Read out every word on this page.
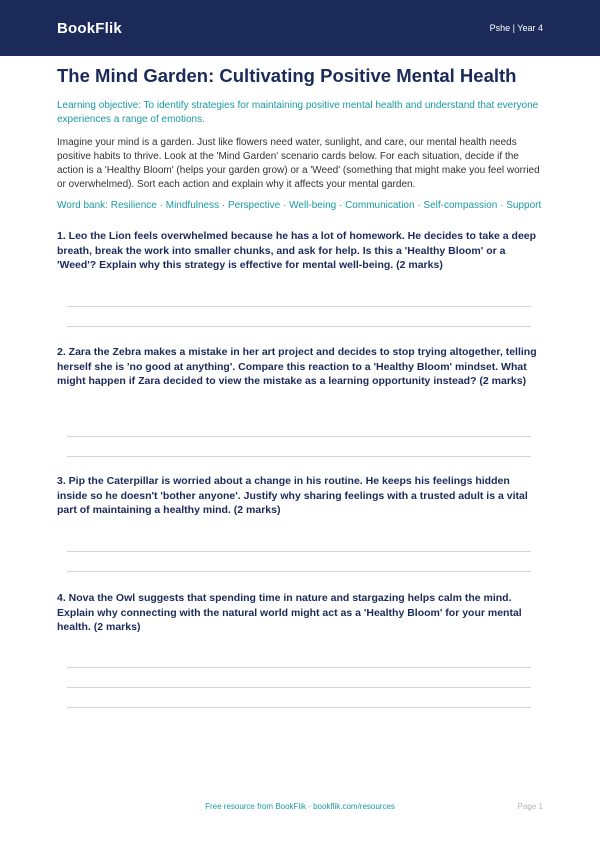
BookFlik	Pshe | Year 4
The Mind Garden: Cultivating Positive Mental Health
Learning objective: To identify strategies for maintaining positive mental health and understand that everyone experiences a range of emotions.
Imagine your mind is a garden. Just like flowers need water, sunlight, and care, our mental health needs positive habits to thrive. Look at the 'Mind Garden' scenario cards below. For each situation, decide if the action is a 'Healthy Bloom' (helps your garden grow) or a 'Weed' (something that might make you feel worried or overwhelmed). Sort each action and explain why it affects your mental garden.
Word bank: Resilience · Mindfulness · Perspective · Well-being · Communication · Self-compassion · Support
1. Leo the Lion feels overwhelmed because he has a lot of homework. He decides to take a deep breath, break the work into smaller chunks, and ask for help. Is this a 'Healthy Bloom' or a 'Weed'? Explain why this strategy is effective for mental well-being. (2 marks)
2. Zara the Zebra makes a mistake in her art project and decides to stop trying altogether, telling herself she is 'no good at anything'. Compare this reaction to a 'Healthy Bloom' mindset. What might happen if Zara decided to view the mistake as a learning opportunity instead? (2 marks)
3. Pip the Caterpillar is worried about a change in his routine. He keeps his feelings hidden inside so he doesn't 'bother anyone'. Justify why sharing feelings with a trusted adult is a vital part of maintaining a healthy mind. (2 marks)
4. Nova the Owl suggests that spending time in nature and stargazing helps calm the mind. Explain why connecting with the natural world might act as a 'Healthy Bloom' for your mental health. (2 marks)
Free resource from BookFlik · bookflik.com/resources	Page 1
